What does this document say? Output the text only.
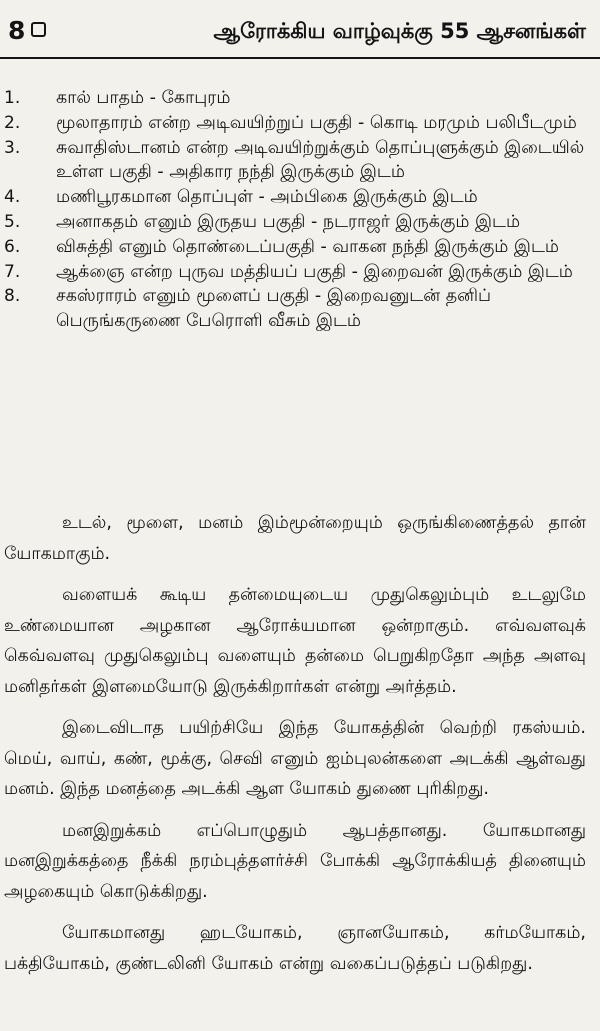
8	ஆரோக்கிய வாழ்வுக்கு 55 ஆசனங்கள்
1. கால் பாதம் - கோபுரம்
2. மூலாதாரம் என்ற அடிவயிற்றுப் பகுதி - கொடி மரமும் பலிபீடமும்
3. சுவாதிஸ்டானம் என்ற அடிவயிற்றுக்கும் தொப்புளுக்கும் இடையில் உள்ள பகுதி - அதிகார நந்தி இருக்கும் இடம்
4. மணிபூரகமான தொப்புள் - அம்பிகை இருக்கும் இடம்
5. அனாகதம் எனும் இருதய பகுதி - நடராஜர் இருக்கும் இடம்
6. விசுத்தி எனும் தொண்டைப்பகுதி - வாகன நந்தி இருக்கும் இடம்
7. ஆக்ஞை என்ற புருவ மத்தியப் பகுதி - இறைவன் இருக்கும் இடம்
8. சகஸ்ராரம் எனும் மூளைப் பகுதி - இறைவனுடன் தனிப் பெருங்கருணை பேரொளி வீசும் இடம்

உடல், மூளை, மனம் இம்மூன்றையும் ஒருங்கிணைத்தல் தான் யோகமாகும்.

வளையக் கூடிய தன்மையுடைய முதுகெலும்பும் உடலுமே உண்மையான அழகான ஆரோக்யமான ஒன்றாகும். எவ்வளவுக் கெவ்வளவு முதுகெலும்பு வளையும் தன்மை பெறுகிறதோ அந்த அளவு மனிதர்கள் இளமையோடு இருக்கிறார்கள் என்று அர்த்தம்.

இடைவிடாத பயிற்சியே இந்த யோகத்தின் வெற்றி ரகஸ்யம். மெய், வாய், கண், மூக்கு, செவி எனும் ஐம்புலன்களை அடக்கி ஆள்வது மனம். இந்த மனத்தை அடக்கி ஆள யோகம் துணை புரிகிறது.

மனஇறுக்கம் எப்பொழுதும் ஆபத்தானது. யோகமானது மனஇறுக்கத்தை நீக்கி நரம்புத்தளர்ச்சி போக்கி ஆரோக்கியத் தினையும் அழகையும் கொடுக்கிறது.

யோகமானது ஹடயோகம், ஞானயோகம், கர்மயோகம், பக்தியோகம், குண்டலினி யோகம் என்று வகைப்படுத்தப் படுகிறது.
